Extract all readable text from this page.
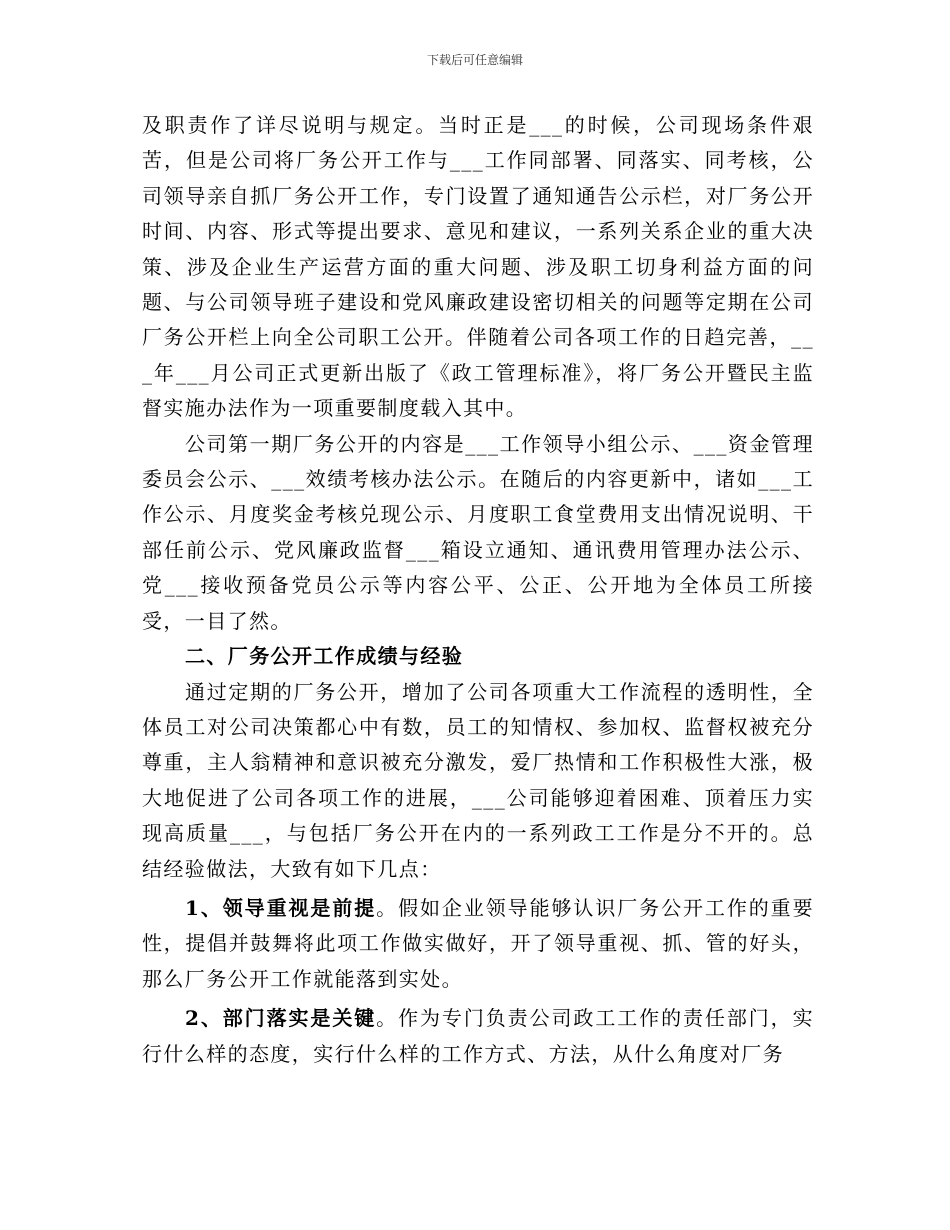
下载后可任意编辑

及职责作了详尽说明与规定。当时正是___的时候，公司现场条件艰苦，但是公司将厂务公开工作与___工作同部署、同落实、同考核，公司领导亲自抓厂务公开工作，专门设置了通知通告公示栏，对厂务公开时间、内容、形式等提出要求、意见和建议，一系列关系企业的重大决策、涉及企业生产运营方面的重大问题、涉及职工切身利益方面的问题、与公司领导班子建设和党风廉政建设密切相关的问题等定期在公司厂务公开栏上向全公司职工公开。伴随着公司各项工作的日趋完善，___年___月公司正式更新出版了《政工管理标准》，将厂务公开暨民主监督实施办法作为一项重要制度载入其中。

公司第一期厂务公开的内容是___工作领导小组公示、___资金管理委员会公示、___效绩考核办法公示。在随后的内容更新中，诸如___工作公示、月度奖金考核兑现公示、月度职工食堂费用支出情况说明、干部任前公示、党风廉政监督___箱设立通知、通讯费用管理办法公示、党___接收预备党员公示等内容公平、公正、公开地为全体员工所接受，一目了然。

二、厂务公开工作成绩与经验

通过定期的厂务公开，增加了公司各项重大工作流程的透明性，全体员工对公司决策都心中有数，员工的知情权、参加权、监督权被充分尊重，主人翁精神和意识被充分激发，爱厂热情和工作积极性大涨，极大地促进了公司各项工作的进展，___公司能够迎着困难、顶着压力实现高质量___，与包括厂务公开在内的一系列政工工作是分不开的。总结经验做法，大致有如下几点：

1、领导重视是前提。假如企业领导能够认识厂务公开工作的重要性，提倡并鼓舞将此项工作做实做好，开了领导重视、抓、管的好头，那么厂务公开工作就能落到实处。

2、部门落实是关键。作为专门负责公司政工工作的责任部门，实行什么样的态度，实行什么样的工作方式、方法，从什么角度对厂务
